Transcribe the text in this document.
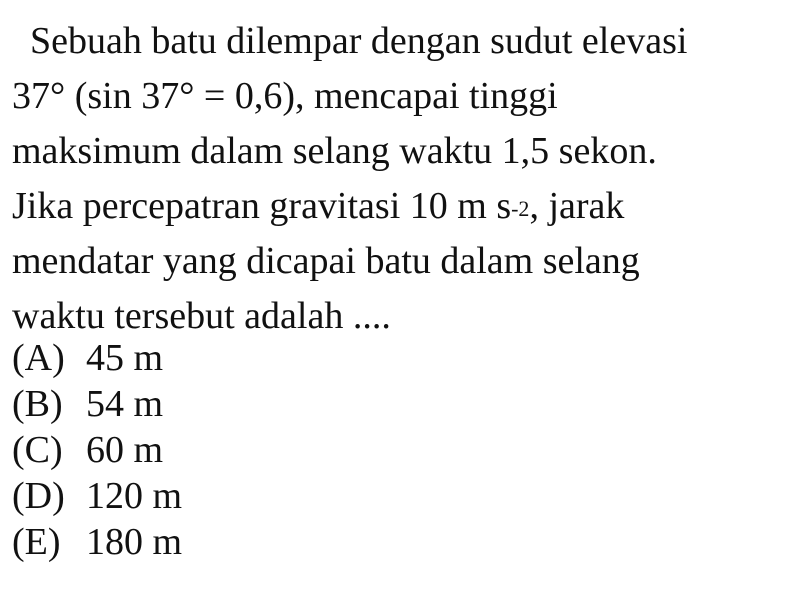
Sebuah batu dilempar dengan sudut elevasi
37° (sin 37° = 0,6), mencapai tinggi
maksimum dalam selang waktu 1,5 sekon.
Jika percepatran gravitasi 10 m $s^{-2}$, jarak
mendatar yang dicapai batu dalam selang
waktu tersebut adalah ....
(A) 45 m
(B) 54 m
(C) 60 m
(D) 120 m
(E) 180 m
